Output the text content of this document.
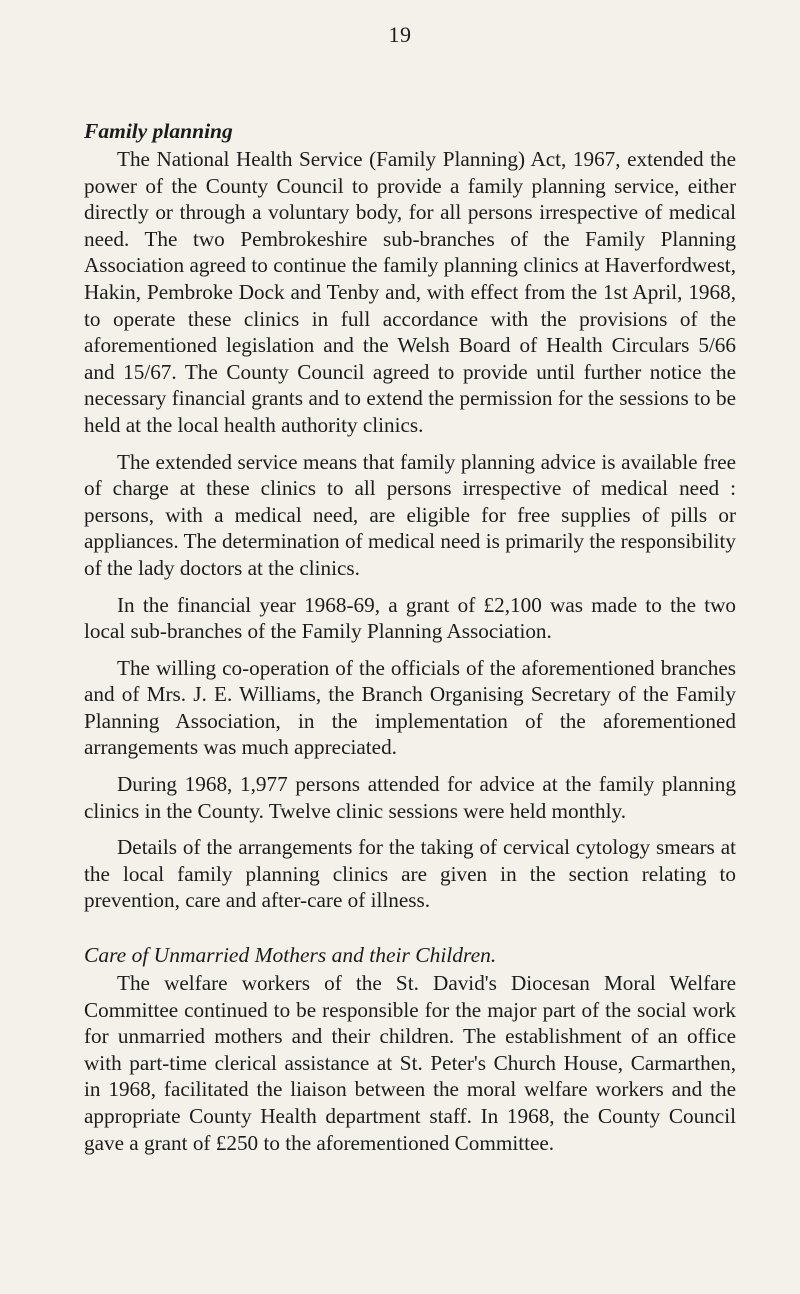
19
Family planning

The National Health Service (Family Planning) Act, 1967, extended the power of the County Council to provide a family planning service, either directly or through a voluntary body, for all persons irrespective of medical need. The two Pembrokeshire sub-branches of the Family Planning Association agreed to continue the family planning clinics at Haverfordwest, Hakin, Pembroke Dock and Tenby and, with effect from the 1st April, 1968, to operate these clinics in full accordance with the provisions of the aforementioned legislation and the Welsh Board of Health Circulars 5/66 and 15/67. The County Council agreed to provide until further notice the necessary financial grants and to extend the permission for the sessions to be held at the local health authority clinics.

The extended service means that family planning advice is available free of charge at these clinics to all persons irrespective of medical need : persons, with a medical need, are eligible for free supplies of pills or appliances. The determination of medical need is primarily the responsibility of the lady doctors at the clinics.

In the financial year 1968-69, a grant of £2,100 was made to the two local sub-branches of the Family Planning Association.

The willing co-operation of the officials of the aforementioned branches and of Mrs. J. E. Williams, the Branch Organising Secretary of the Family Planning Association, in the implementation of the aforementioned arrangements was much appreciated.

During 1968, 1,977 persons attended for advice at the family planning clinics in the County. Twelve clinic sessions were held monthly.

Details of the arrangements for the taking of cervical cytology smears at the local family planning clinics are given in the section relating to prevention, care and after-care of illness.

Care of Unmarried Mothers and their Children.

The welfare workers of the St. David's Diocesan Moral Welfare Committee continued to be responsible for the major part of the social work for unmarried mothers and their children. The establishment of an office with part-time clerical assistance at St. Peter's Church House, Carmarthen, in 1968, facilitated the liaison between the moral welfare workers and the appropriate County Health department staff. In 1968, the County Council gave a grant of £250 to the aforementioned Committee.
